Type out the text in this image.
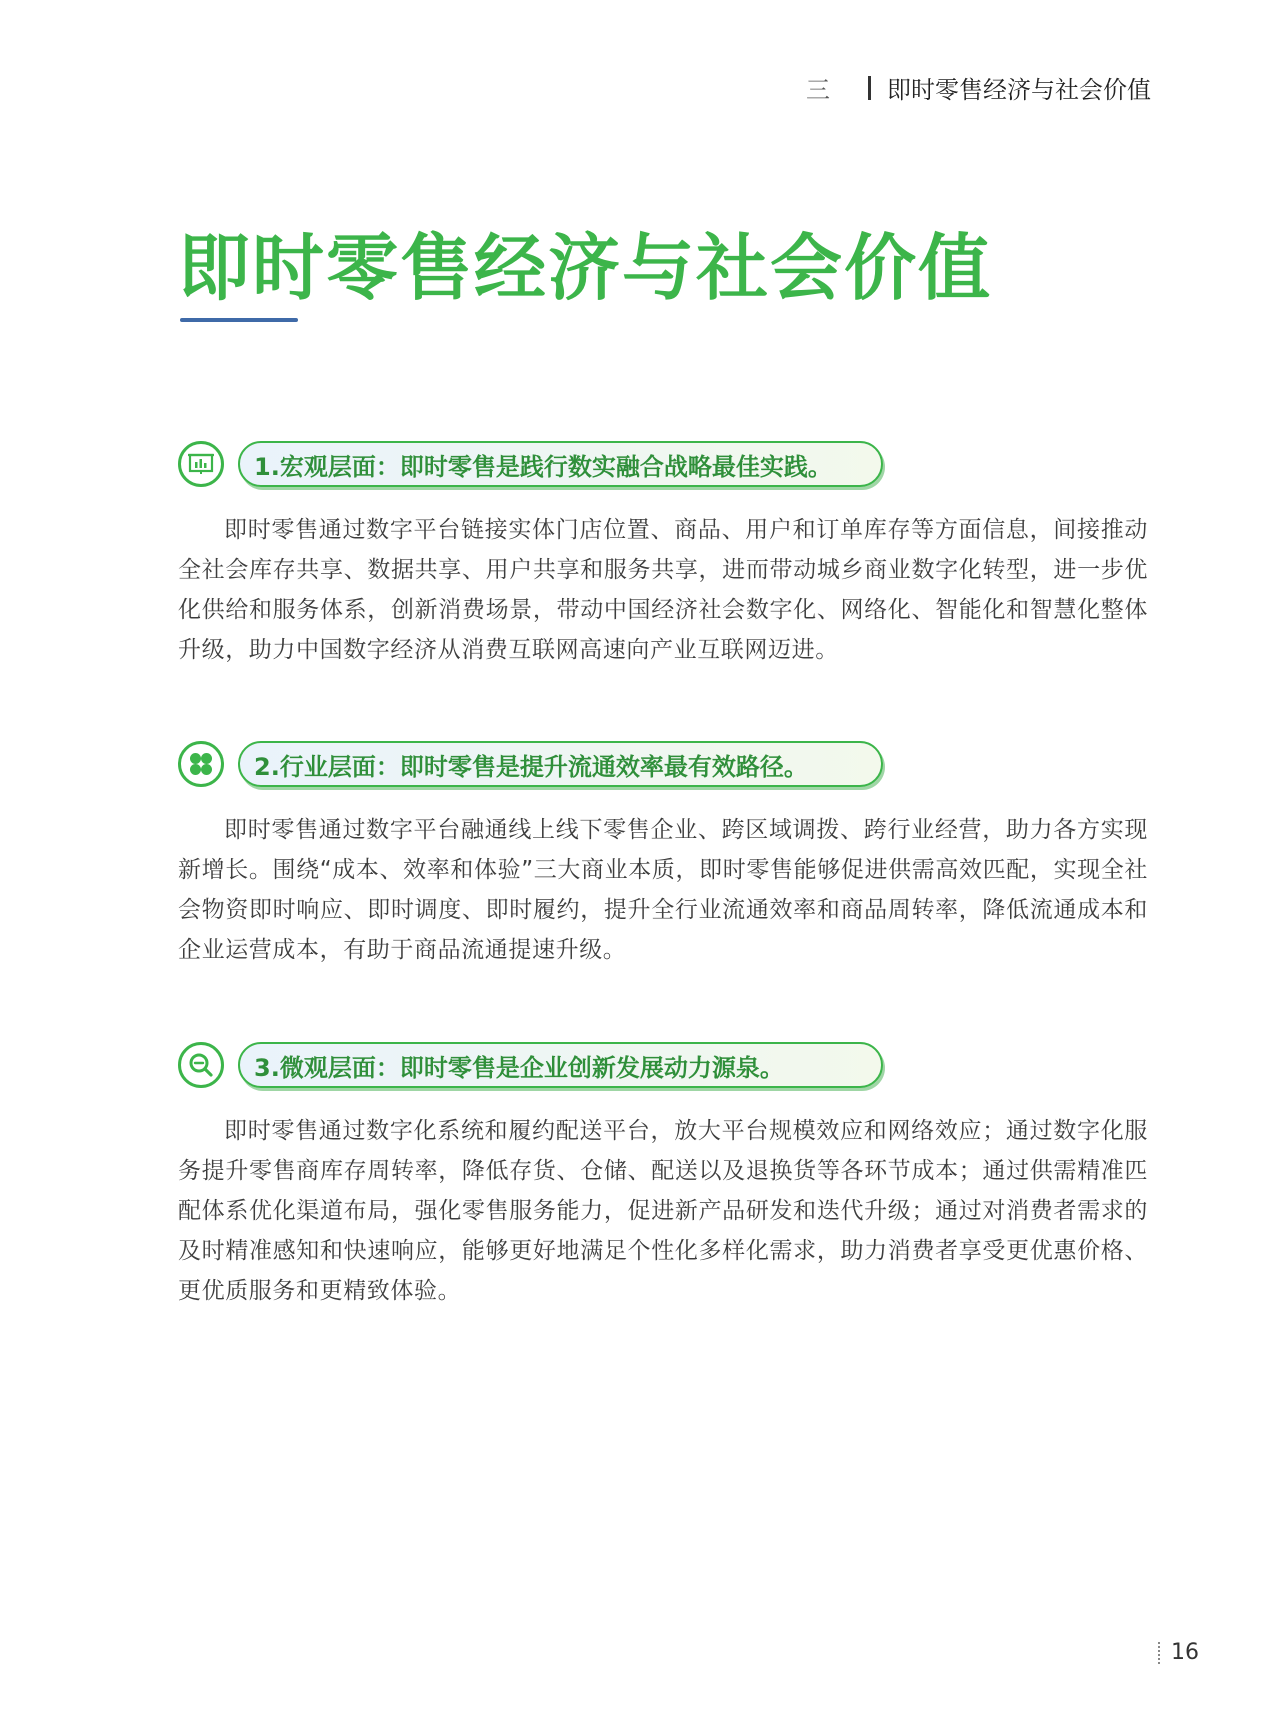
三 即时零售经济与社会价值
即时零售经济与社会价值
1.宏观层面：即时零售是践行数实融合战略最佳实践。

即时零售通过数字平台链接实体门店位置、商品、用户和订单库存等方面信息，间接推动全社会库存共享、数据共享、用户共享和服务共享，进而带动城乡商业数字化转型，进一步优化供给和服务体系，创新消费场景，带动中国经济社会数字化、网络化、智能化和智慧化整体升级，助力中国数字经济从消费互联网高速向产业互联网迈进。

2.行业层面：即时零售是提升流通效率最有效路径。

即时零售通过数字平台融通线上线下零售企业、跨区域调拨、跨行业经营，助力各方实现新增长。围绕“成本、效率和体验”三大商业本质，即时零售能够促进供需高效匹配，实现全社会物资即时响应、即时调度、即时履约，提升全行业流通效率和商品周转率，降低流通成本和企业运营成本，有助于商品流通提速升级。

3.微观层面：即时零售是企业创新发展动力源泉。

即时零售通过数字化系统和履约配送平台，放大平台规模效应和网络效应；通过数字化服务提升零售商库存周转率，降低存货、仓储、配送以及退换货等各环节成本；通过供需精准匹配体系优化渠道布局，强化零售服务能力，促进新产品研发和迭代升级；通过对消费者需求的及时精准感知和快速响应，能够更好地满足个性化多样化需求，助力消费者享受更优惠价格、更优质服务和更精致体验。

16
